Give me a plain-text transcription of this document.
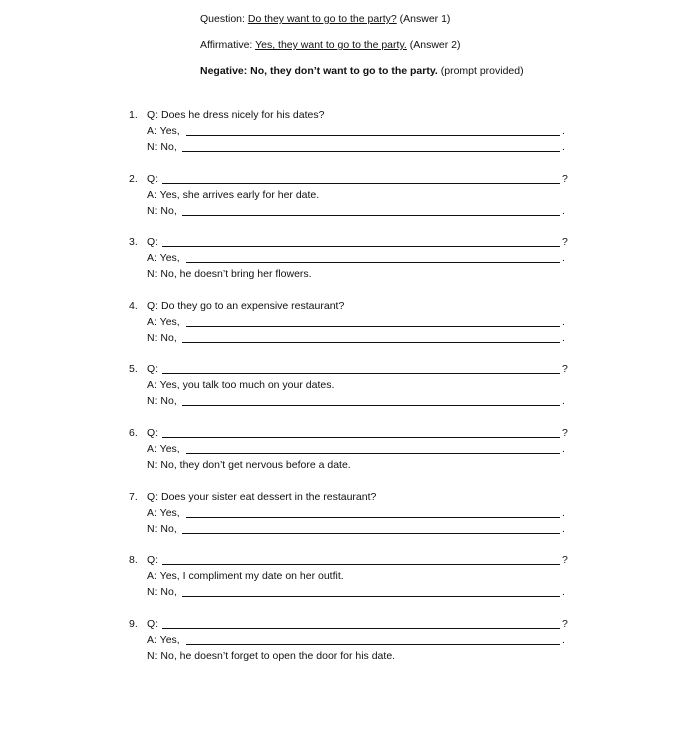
Question: Do they want to go to the party? (Answer 1)
Affirmative: Yes, they want to go to the party. (Answer 2)
Negative: No, they don’t want to go to the party. (prompt provided)
1. Q: Does he dress nicely for his dates?
A: Yes,	.
N: No,	.
2. Q:	?
A: Yes, she arrives early for her date.
N: No,	.
3. Q:	?
A: Yes,	.
N: No, he doesn’t bring her flowers.
4. Q: Do they go to an expensive restaurant?
A: Yes,	.
N: No,	.
5. Q:	?
A: Yes, you talk too much on your dates.
N: No,	.
6. Q:	?
A: Yes,	.
N: No, they don’t get nervous before a date.
7. Q: Does your sister eat dessert in the restaurant?
A: Yes,	.
N: No,	.
8. Q:	?
A: Yes, I compliment my date on her outfit.
N: No,	.
9. Q:	?
A: Yes,	.
N: No, he doesn’t forget to open the door for his date.
